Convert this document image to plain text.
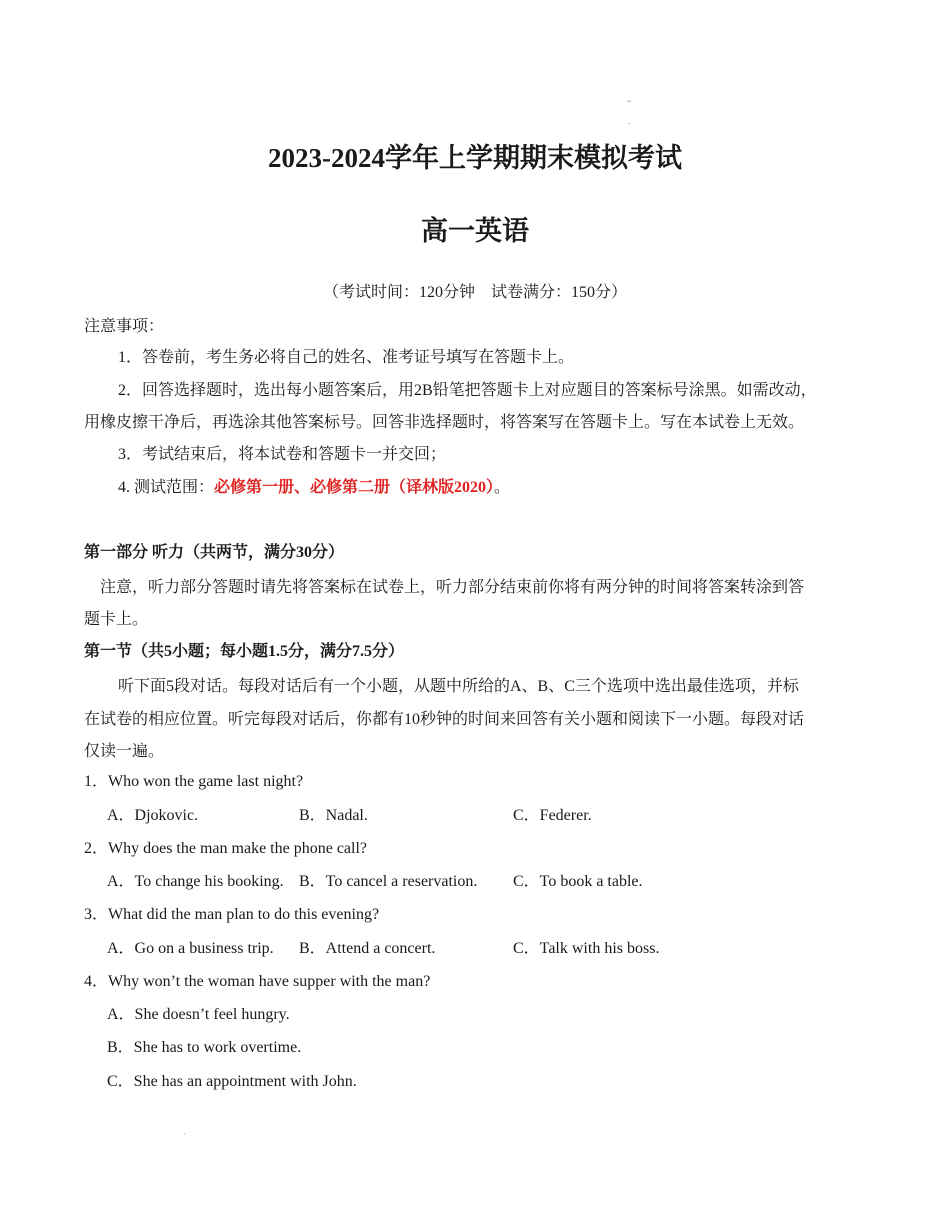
~
.
2023-2024学年上学期期末模拟考试
高一英语
（考试时间：120分钟　试卷满分：150分）
注意事项：
1．答卷前，考生务必将自己的姓名、准考证号填写在答题卡上。
2．回答选择题时，选出每小题答案后，用2B铅笔把答题卡上对应题目的答案标号涂黑。如需改动，
用橡皮擦干净后，再选涂其他答案标号。回答非选择题时，将答案写在答题卡上。写在本试卷上无效。
3．考试结束后，将本试卷和答题卡一并交回；
4. 测试范围：必修第一册、必修第二册（译林版2020）。
第一部分 听力（共两节，满分30分）
注意，听力部分答题时请先将答案标在试卷上，听力部分结束前你将有两分钟的时间将答案转涂到答
题卡上。
第一节（共5小题；每小题1.5分，满分7.5分）
听下面5段对话。每段对话后有一个小题，从题中所给的A、B、C三个选项中选出最佳选项，并标
在试卷的相应位置。听完每段对话后，你都有10秒钟的时间来回答有关小题和阅读下一小题。每段对话
仅读一遍。
1．Who won the game last night?
A．Djokovic.	B．Nadal.	C．Federer.
2．Why does the man make the phone call?
A．To change his booking. B．To cancel a reservation. C．To book a table.
3．What did the man plan to do this evening?
A．Go on a business trip. B．Attend a concert.	C．Talk with his boss.
4．Why won’t the woman have supper with the man?
A．She doesn’t feel hungry.
B．She has to work overtime.
C．She has an appointment with John.
`
